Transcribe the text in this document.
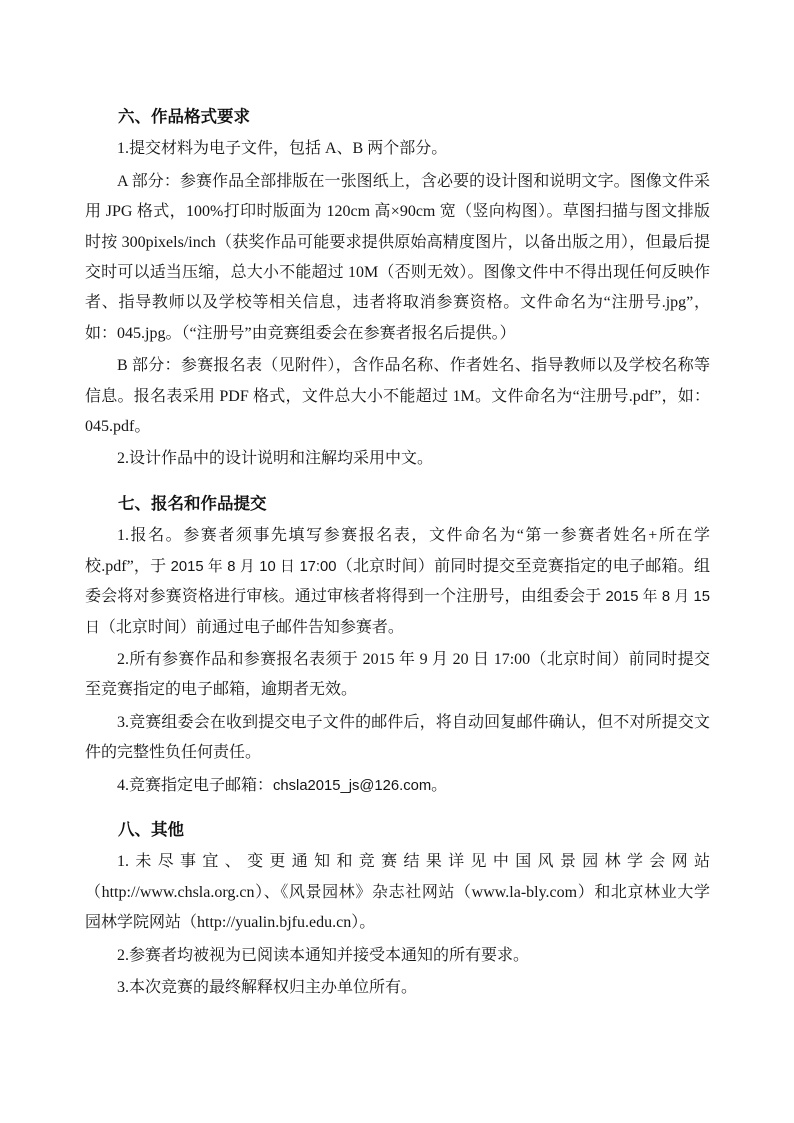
六、作品格式要求

1.提交材料为电子文件，包括 A、B 两个部分。

A 部分：参赛作品全部排版在一张图纸上，含必要的设计图和说明文字。图像文件采用 JPG 格式，100%打印时版面为 120cm 高×90cm 宽（竖向构图）。草图扫描与图文排版时按 300pixels/inch（获奖作品可能要求提供原始高精度图片，以备出版之用），但最后提交时可以适当压缩，总大小不能超过 10M（否则无效）。图像文件中不得出现任何反映作者、指导教师以及学校等相关信息，违者将取消参赛资格。文件命名为“注册号.jpg”，如：045.jpg。（“注册号”由竞赛组委会在参赛者报名后提供。）

B 部分：参赛报名表（见附件），含作品名称、作者姓名、指导教师以及学校名称等信息。报名表采用 PDF 格式，文件总大小不能超过 1M。文件命名为“注册号.pdf”，如：045.pdf。

2.设计作品中的设计说明和注解均采用中文。

七、报名和作品提交

1.报名。参赛者须事先填写参赛报名表，文件命名为“第一参赛者姓名+所在学校.pdf”，于 2015 年 8 月 10 日 17:00（北京时间）前同时提交至竞赛指定的电子邮箱。组委会将对参赛资格进行审核。通过审核者将得到一个注册号，由组委会于 2015 年 8 月 15 日（北京时间）前通过电子邮件告知参赛者。

2.所有参赛作品和参赛报名表须于 2015 年 9 月 20 日 17:00（北京时间）前同时提交至竞赛指定的电子邮箱，逾期者无效。

3.竞赛组委会在收到提交电子文件的邮件后，将自动回复邮件确认，但不对所提交文件的完整性负任何责任。

4.竞赛指定电子邮箱：chsla2015_js@126.com。

八、其他

1.未尽事宜、变更通知和竞赛结果详见中国风景园林学会网站（http://www.chsla.org.cn）、《风景园林》杂志社网站（www.la-bly.com）和北京林业大学园林学院网站（http://yualin.bjfu.edu.cn）。

2.参赛者均被视为已阅读本通知并接受本通知的所有要求。

3.本次竞赛的最终解释权归主办单位所有。
